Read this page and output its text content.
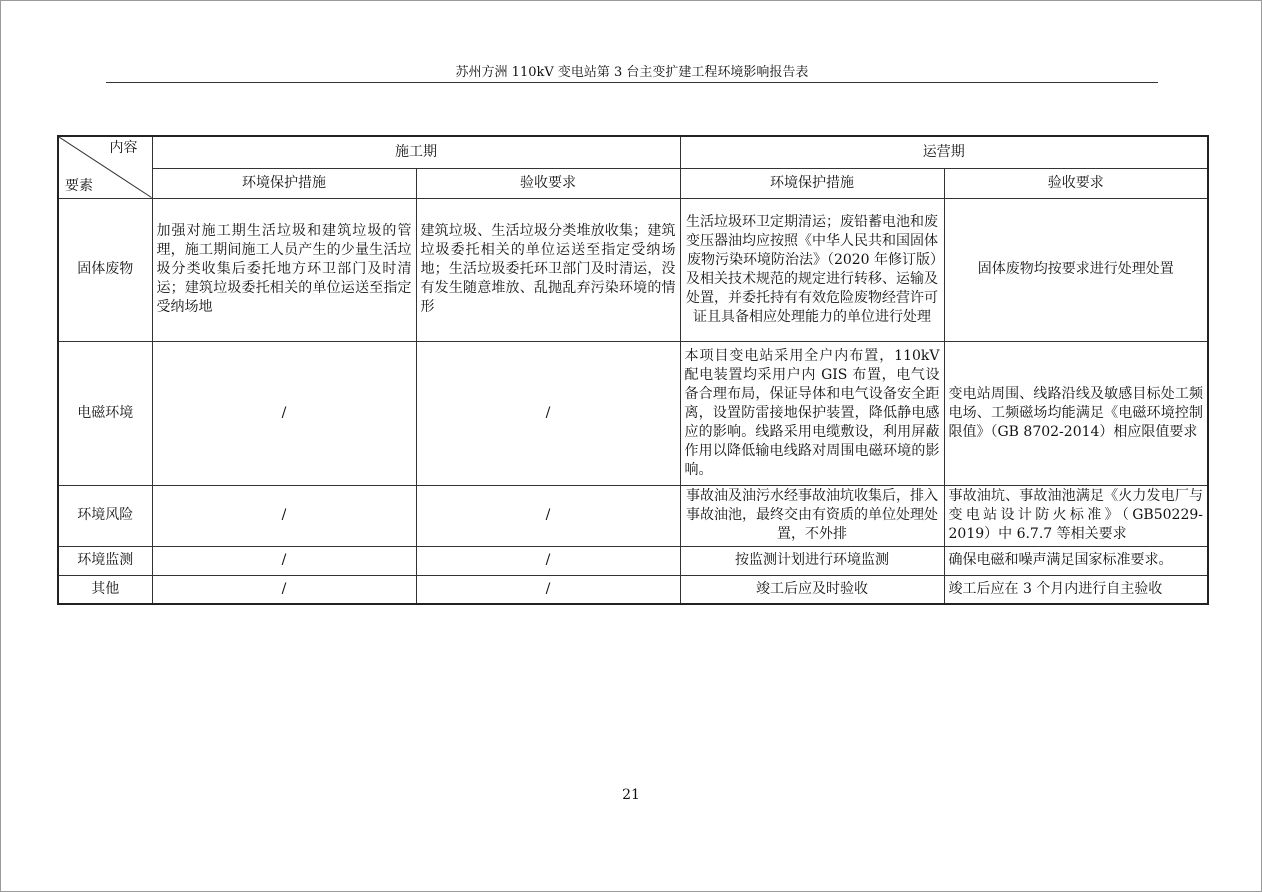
苏州方洲 110kV 变电站第 3 台主变扩建工程环境影响报告表
内容
要素	施工期		运营期	
	环境保护措施	验收要求	环境保护措施	验收要求
固体废物	加强对施工期生活垃圾和建筑垃圾的管理，施工期间施工人员产生的少量生活垃圾分类收集后委托地方环卫部门及时清运；建筑垃圾委托相关的单位运送至指定受纳场地	建筑垃圾、生活垃圾分类堆放收集；建筑垃圾委托相关的单位运送至指定受纳场地；生活垃圾委托环卫部门及时清运，没有发生随意堆放、乱抛乱弃污染环境的情形	生活垃圾环卫定期清运；废铅蓄电池和废变压器油均应按照《中华人民共和国固体废物污染环境防治法》（2020 年修订版）及相关技术规范的规定进行转移、运输及处置，并委托持有有效危险废物经营许可证且具备相应处理能力的单位进行处理	固体废物均按要求进行处理处置
电磁环境	/	/	本项目变电站采用全户内布置，110kV 配电装置均采用户内 GIS 布置，电气设备合理布局，保证导体和电气设备安全距离，设置防雷接地保护装置，降低静电感应的影响。线路采用电缆敷设，利用屏蔽作用以降低输电线路对周围电磁环境的影响。	变电站周围、线路沿线及敏感目标处工频电场、工频磁场均能满足《电磁环境控制限值》（GB 8702-2014）相应限值要求
环境风险	/	/	事故油及油污水经事故油坑收集后，排入事故油池，最终交由有资质的单位处理处置，不外排	事故油坑、事故油池满足《火力发电厂与变电站设计防火标准》（GB50229-2019）中 6.7.7 等相关要求
环境监测	/	/	按监测计划进行环境监测	确保电磁和噪声满足国家标准要求。
其他	/	/	竣工后应及时验收	竣工后应在 3 个月内进行自主验收
21
